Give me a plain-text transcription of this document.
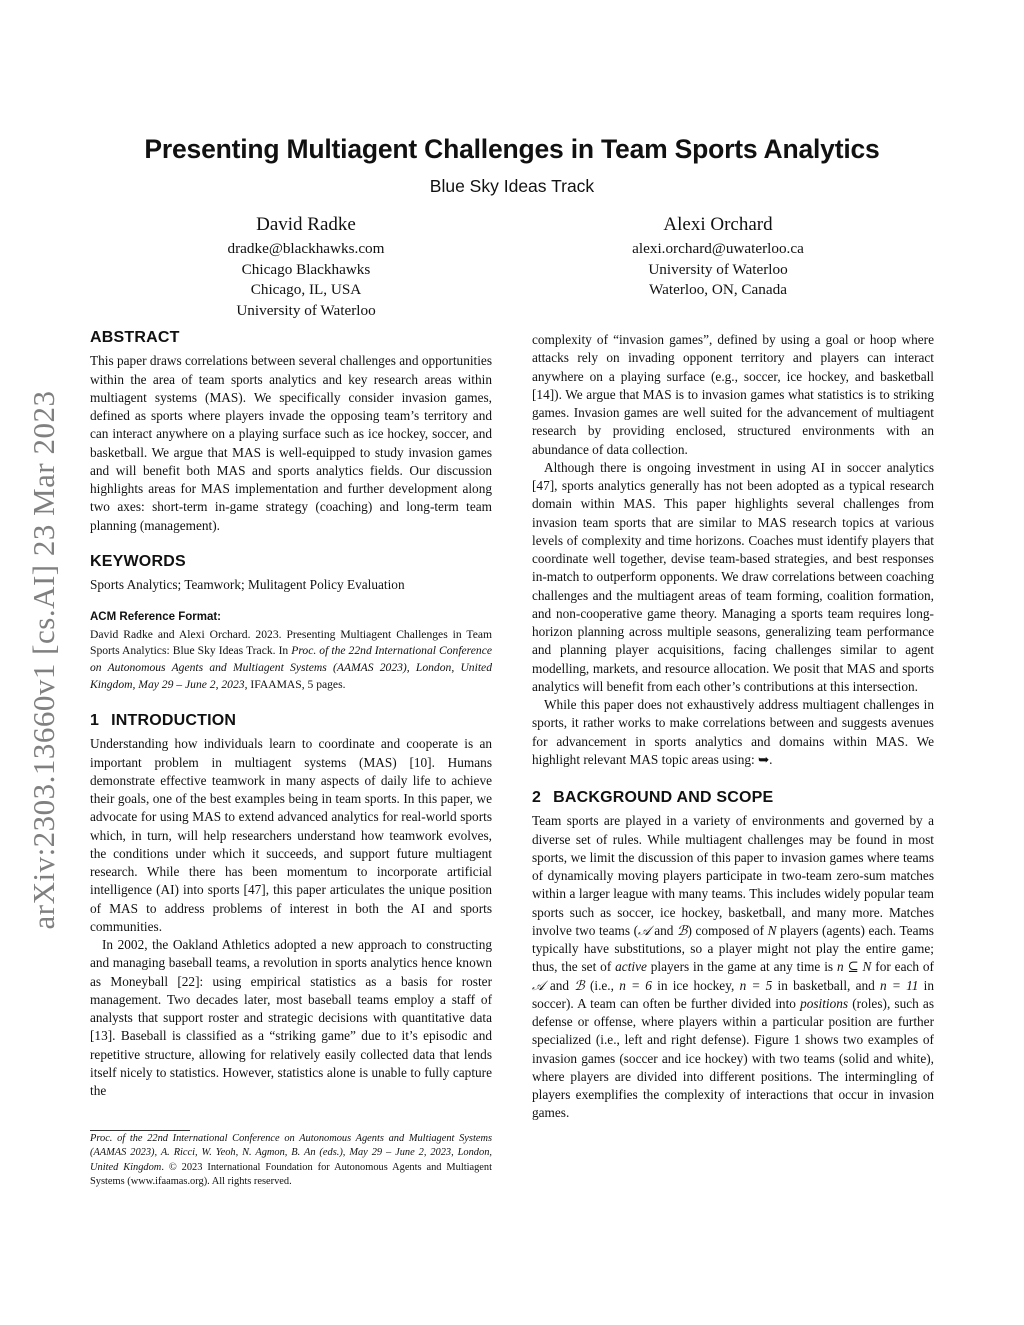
arXiv:2303.13660v1 [cs.AI] 23 Mar 2023
Presenting Multiagent Challenges in Team Sports Analytics
Blue Sky Ideas Track
David Radke
dradke@blackhawks.com
Chicago Blackhawks
Chicago, IL, USA
University of Waterloo
Alexi Orchard
alexi.orchard@uwaterloo.ca
University of Waterloo
Waterloo, ON, Canada
ABSTRACT

This paper draws correlations between several challenges and opportunities within the area of team sports analytics and key research areas within multiagent systems (MAS). We specifically consider invasion games, defined as sports where players invade the opposing team’s territory and can interact anywhere on a playing surface such as ice hockey, soccer, and basketball. We argue that MAS is well-equipped to study invasion games and will benefit both MAS and sports analytics fields. Our discussion highlights areas for MAS implementation and further development along two axes: short-term in-game strategy (coaching) and long-term team planning (management).

KEYWORDS

Sports Analytics; Teamwork; Mulitagent Policy Evaluation

ACM Reference Format:
David Radke and Alexi Orchard. 2023. Presenting Multiagent Challenges in Team Sports Analytics: Blue Sky Ideas Track. In Proc. of the 22nd International Conference on Autonomous Agents and Multiagent Systems (AAMAS 2023), London, United Kingdom, May 29 – June 2, 2023, IFAAMAS, 5 pages.
1 INTRODUCTION

Understanding how individuals learn to coordinate and cooperate is an important problem in multiagent systems (MAS) [10]. Humans demonstrate effective teamwork in many aspects of daily life to achieve their goals, one of the best examples being in team sports. In this paper, we advocate for using MAS to extend advanced analytics for real-world sports which, in turn, will help researchers understand how teamwork evolves, the conditions under which it succeeds, and support future multiagent research. While there has been momentum to incorporate artificial intelligence (AI) into sports [47], this paper articulates the unique position of MAS to address problems of interest in both the AI and sports communities.

In 2002, the Oakland Athletics adopted a new approach to constructing and managing baseball teams, a revolution in sports analytics hence known as Moneyball [22]: using empirical statistics as a basis for roster management. Two decades later, most baseball teams employ a staff of analysts that support roster and strategic decisions with quantitative data [13]. Baseball is classified as a “striking game” due to it’s episodic and repetitive structure, allowing for relatively easily collected data that lends itself nicely to statistics. However, statistics alone is unable to fully capture the

Proc. of the 22nd International Conference on Autonomous Agents and Multiagent Systems (AAMAS 2023), A. Ricci, W. Yeoh, N. Agmon, B. An (eds.), May 29 – June 2, 2023, London, United Kingdom. © 2023 International Foundation for Autonomous Agents and Multiagent Systems (www.ifaamas.org). All rights reserved.

complexity of “invasion games”, defined by using a goal or hoop where attacks rely on invading opponent territory and players can interact anywhere on a playing surface (e.g., soccer, ice hockey, and basketball [14]). We argue that MAS is to invasion games what statistics is to striking games. Invasion games are well suited for the advancement of multiagent research by providing enclosed, structured environments with an abundance of data collection.

Although there is ongoing investment in using AI in soccer analytics [47], sports analytics generally has not been adopted as a typical research domain within MAS. This paper highlights several challenges from invasion team sports that are similar to MAS research topics at various levels of complexity and time horizons. Coaches must identify players that coordinate well together, devise team-based strategies, and best responses in-match to outperform opponents. We draw correlations between coaching challenges and the multiagent areas of team forming, coalition formation, and non-cooperative game theory. Managing a sports team requires long-horizon planning across multiple seasons, generalizing team performance and planning player acquisitions, facing challenges similar to agent modelling, markets, and resource allocation. We posit that MAS and sports analytics will benefit from each other’s contributions at this intersection.

While this paper does not exhaustively address multiagent challenges in sports, it rather works to make correlations between and suggests avenues for advancement in sports analytics and domains within MAS. We highlight relevant MAS topic areas using: ➥.

2 BACKGROUND AND SCOPE

Team sports are played in a variety of environments and governed by a diverse set of rules. While multiagent challenges may be found in most sports, we limit the discussion of this paper to invasion games where teams of dynamically moving players participate in two-team zero-sum matches within a larger league with many teams. This includes widely popular team sports such as soccer, ice hockey, basketball, and many more. Matches involve two teams (𝒜 and ℬ) composed of N players (agents) each. Teams typically have substitutions, so a player might not play the entire game; thus, the set of active players in the game at any time is n ⊆ N for each of 𝒜 and ℬ (i.e., n = 6 in ice hockey, n = 5 in basketball, and n = 11 in soccer). A team can often be further divided into positions (roles), such as defense or offense, where players within a particular position are further specialized (i.e., left and right defense). Figure 1 shows two examples of invasion games (soccer and ice hockey) with two teams (solid and white), where players are divided into different positions. The intermingling of players exemplifies the complexity of interactions that occur in invasion games.
